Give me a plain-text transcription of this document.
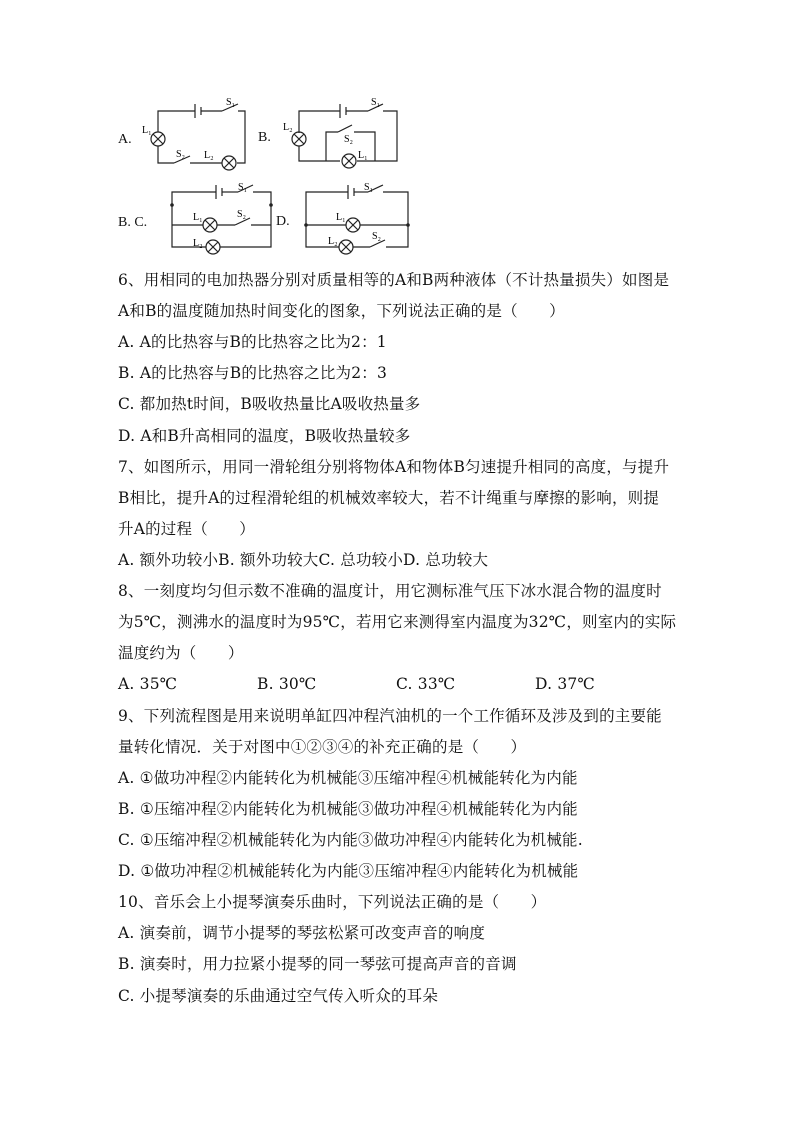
A.	B.
B. C.	D.
S₁
L₁
S₂ L₂
S₁
L₂
S₂
L₁
S₁
L₁	S₂
L₂
S₁
L₁
L₂	S₂
6、用相同的电加热器分别对质量相等的A和B两种液体（不计热量损失）如图是
A和B的温度随加热时间变化的图象，下列说法正确的是（　　）
A. A的比热容与B的比热容之比为2：1
B. A的比热容与B的比热容之比为2：3
C. 都加热t时间，B吸收热量比A吸收热量多
D. A和B升高相同的温度，B吸收热量较多
7、如图所示，用同一滑轮组分别将物体A和物体B匀速提升相同的高度，与提升
B相比，提升A的过程滑轮组的机械效率较大，若不计绳重与摩擦的影响，则提
升A的过程（　　）
A. 额外功较小B. 额外功较大C. 总功较小D. 总功较大
8、一刻度均匀但示数不准确的温度计，用它测标准气压下冰水混合物的温度时
为5℃，测沸水的温度时为95℃，若用它来测得室内温度为32℃，则室内的实际
温度约为（　　）
A. 35℃	B. 30℃	C. 33℃	D. 37℃
9、下列流程图是用来说明单缸四冲程汽油机的一个工作循环及涉及到的主要能
量转化情况．关于对图中①②③④的补充正确的是（　　）
A. ①做功冲程②内能转化为机械能③压缩冲程④机械能转化为内能
B. ①压缩冲程②内能转化为机械能③做功冲程④机械能转化为内能
C. ①压缩冲程②机械能转化为内能③做功冲程④内能转化为机械能.
D. ①做功冲程②机械能转化为内能③压缩冲程④内能转化为机械能
10、音乐会上小提琴演奏乐曲时，下列说法正确的是（　　）
A. 演奏前，调节小提琴的琴弦松紧可改变声音的响度
B. 演奏时，用力拉紧小提琴的同一琴弦可提高声音的音调
C. 小提琴演奏的乐曲通过空气传入听众的耳朵
